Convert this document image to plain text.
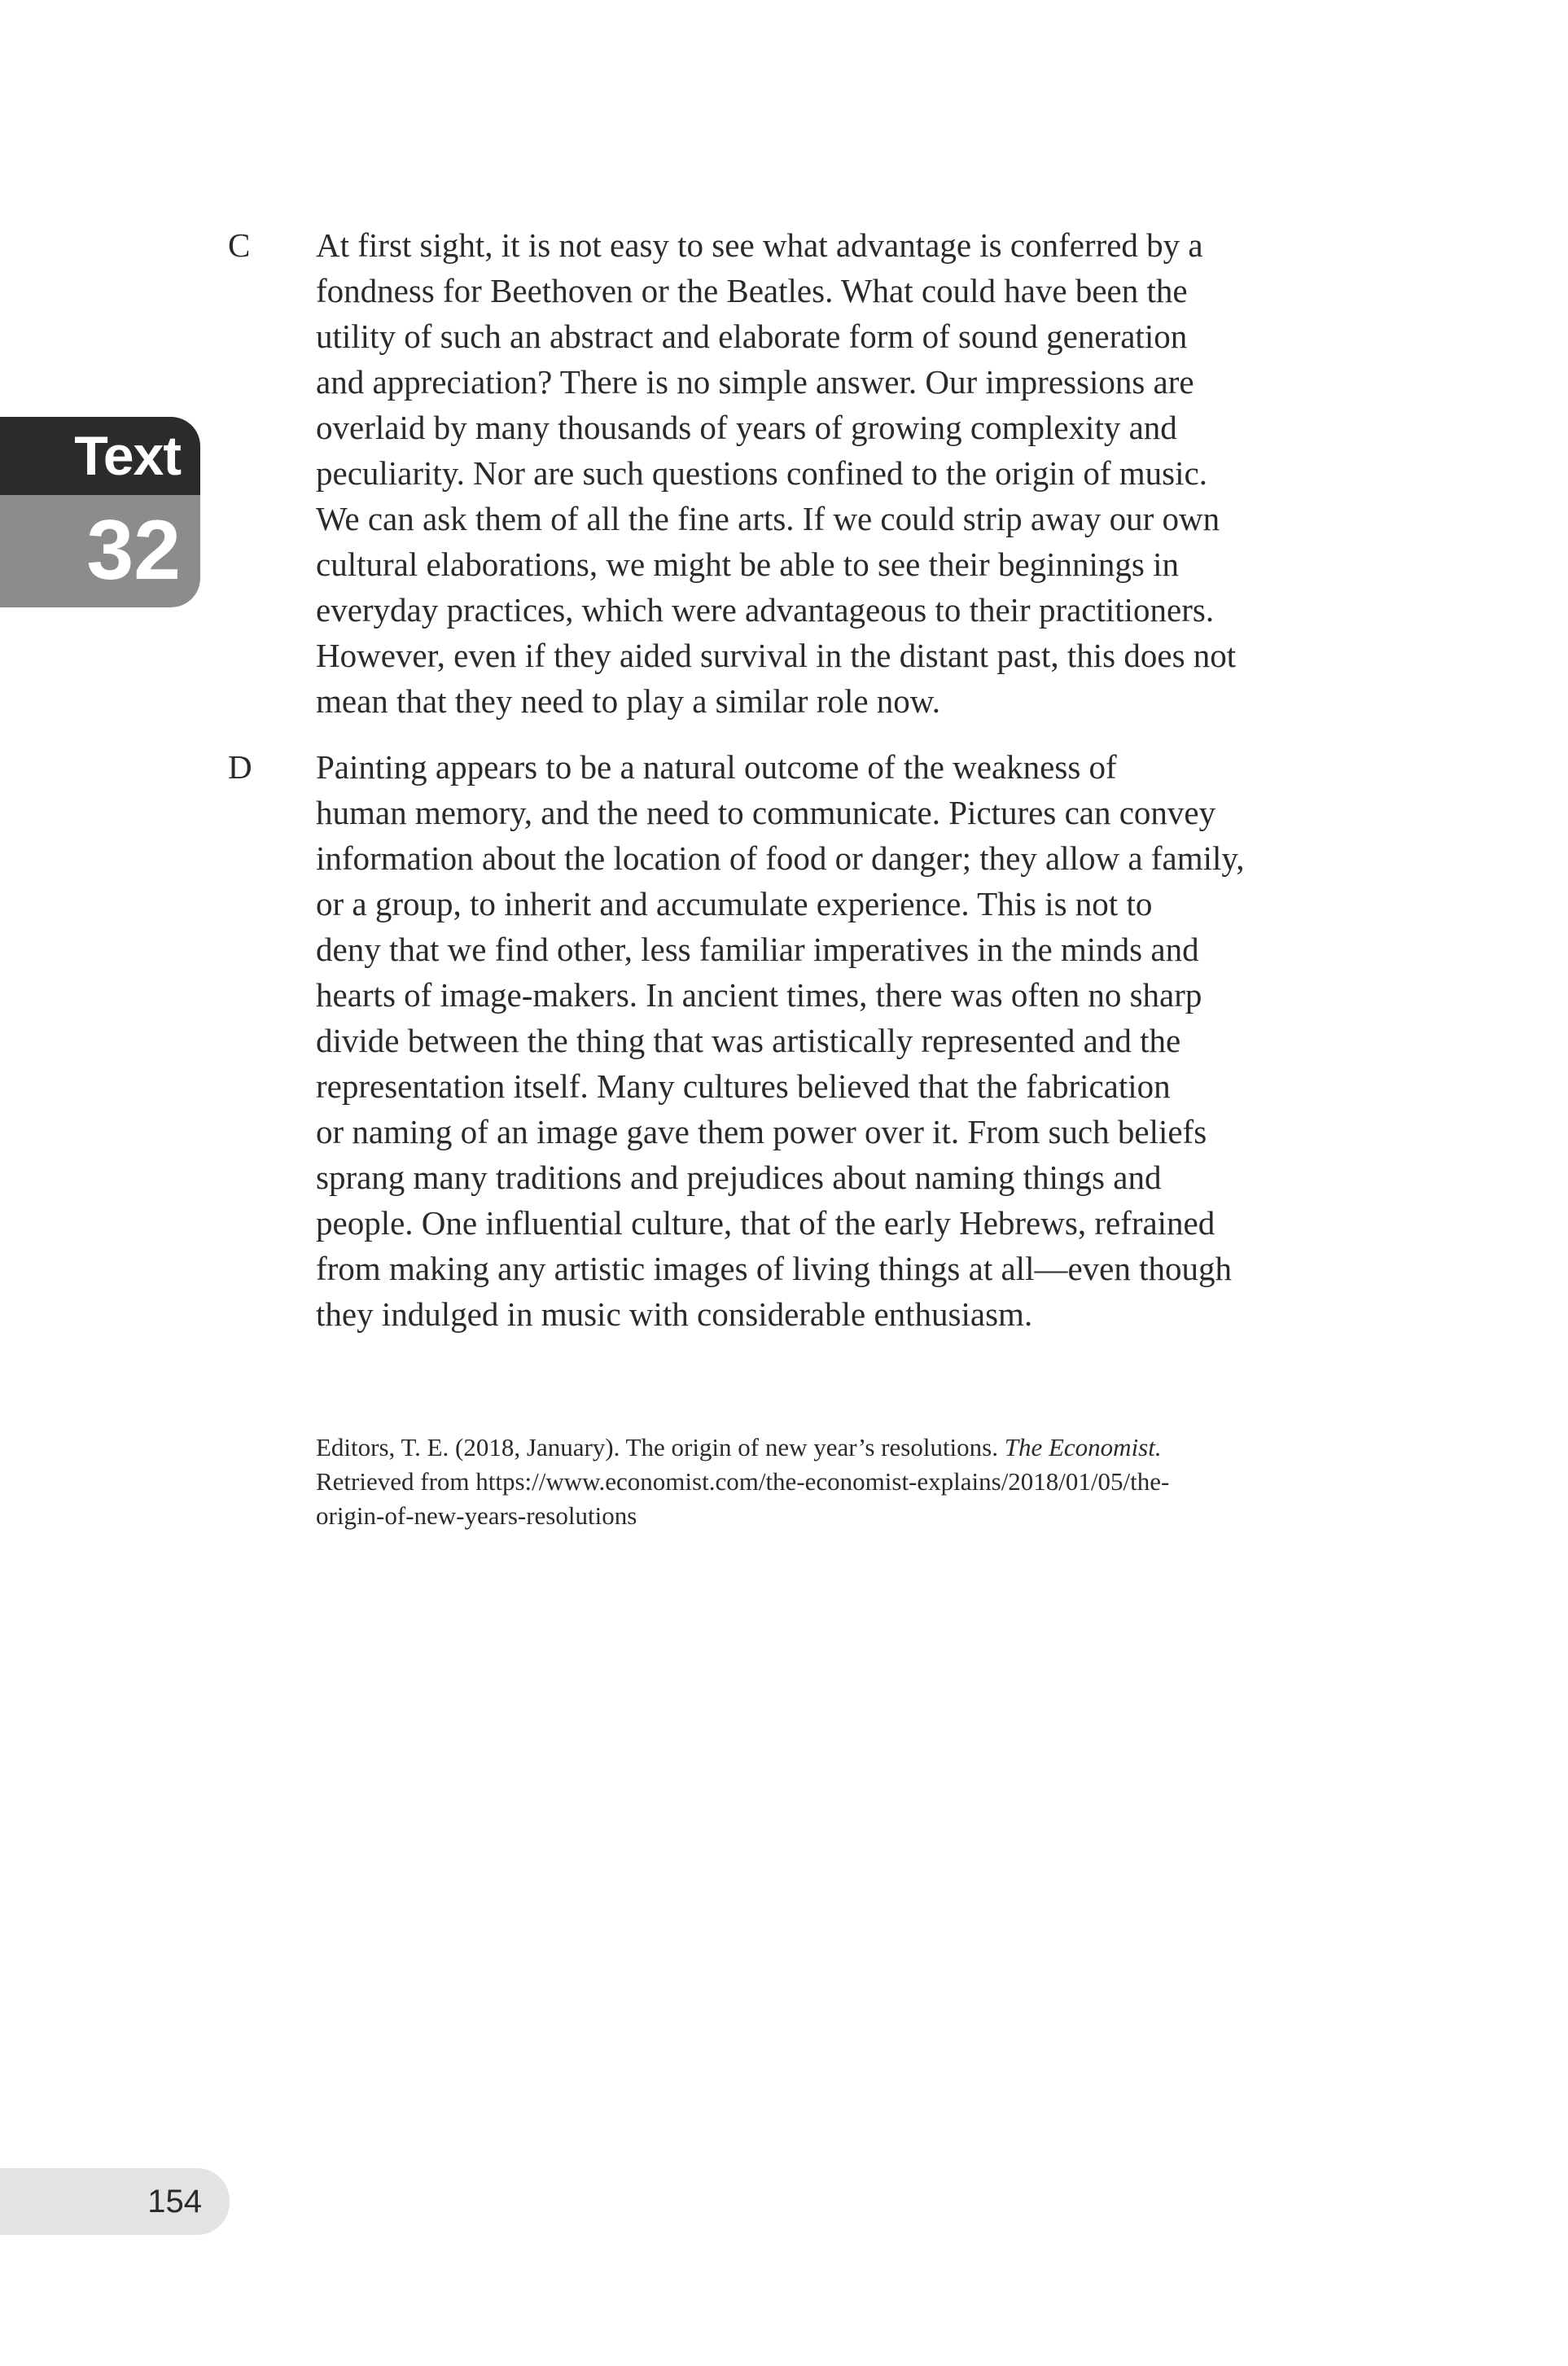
Text
32
C At first sight, it is not easy to see what advantage is conferred by a
fondness for Beethoven or the Beatles. What could have been the
utility of such an abstract and elaborate form of sound generation
and appreciation? There is no simple answer. Our impressions are
overlaid by many thousands of years of growing complexity and
peculiarity. Nor are such questions confined to the origin of music.
We can ask them of all the fine arts. If we could strip away our own
cultural elaborations, we might be able to see their beginnings in
everyday practices, which were advantageous to their practitioners.
However, even if they aided survival in the distant past, this does not
mean that they need to play a similar role now.

D Painting appears to be a natural outcome of the weakness of
human memory, and the need to communicate. Pictures can convey
information about the location of food or danger; they allow a family,
or a group, to inherit and accumulate experience. This is not to
deny that we find other, less familiar imperatives in the minds and
hearts of image-makers. In ancient times, there was often no sharp
divide between the thing that was artistically represented and the
representation itself. Many cultures believed that the fabrication
or naming of an image gave them power over it. From such beliefs
sprang many traditions and prejudices about naming things and
people. One influential culture, that of the early Hebrews, refrained
from making any artistic images of living things at all—even though
they indulged in music with considerable enthusiasm.

Editors, T. E. (2018, January). The origin of new year’s resolutions. The Economist.
Retrieved from https://www.economist.com/the-economist-explains/2018/01/05/the-
origin-of-new-years-resolutions
154
